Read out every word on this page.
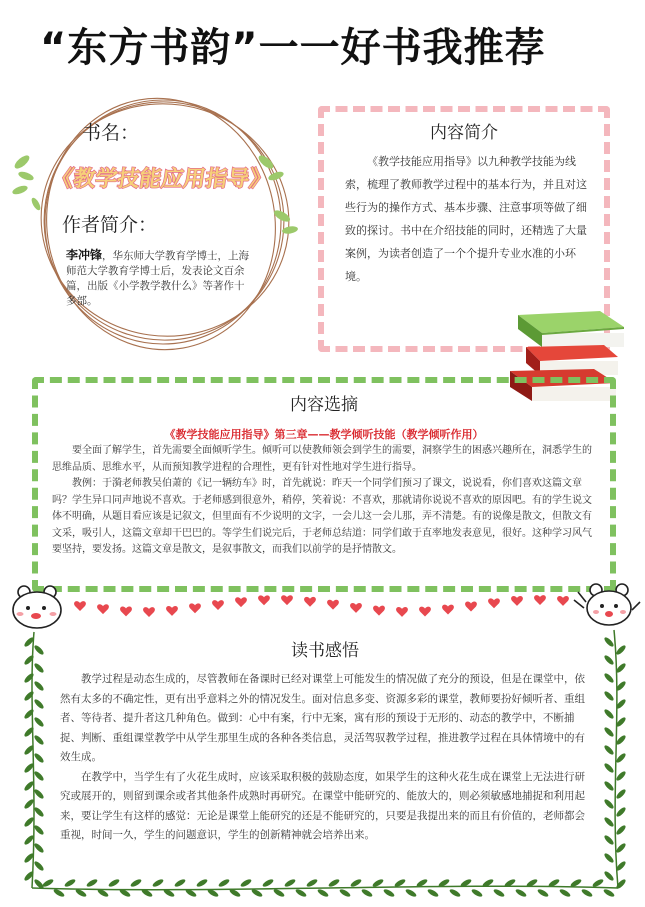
“东方书韵”一一好书我推荐
书名：
《教学技能应用指导》
作者简介：
李冲锋，华东师大学教育学博士，上海师范大学教育学博士后，发表论文百余篇，出版《小学教学教什么》等著作十多部。
内容简介
《教学技能应用指导》以九种教学技能为线索，梳理了教师教学过程中的基本行为，并且对这些行为的操作方式、基本步骤、注意事项等做了细致的探讨。书中在介绍技能的同时，还精选了大量案例，为读者创造了一个个提升专业水准的小环境。
内容选摘
《教学技能应用指导》第三章——教学倾听技能（教学倾听作用）

要全面了解学生，首先需要全面倾听学生。倾听可以使教师领会到学生的需要，洞察学生的困惑兴趣所在，洞悉学生的思维品质、思维水平，从而预知教学进程的合理性，更有针对性地对学生进行指导。

教例：于漪老师教吴伯萧的《记一辆纺车》时，首先就说：昨天一个同学们预习了课文，说说看，你们喜欢这篇文章吗？学生异口同声地说不喜欢。于老师感到很意外，稍停，笑着说：不喜欢，那就请你说说不喜欢的原因吧。有的学生说文体不明确，从题目看应该是记叙文，但里面有不少说明的文字，一会儿这一会儿那，弄不清楚。有的说像是散文，但散文有文采，吸引人，这篇文章却干巴巴的。等学生们说完后，于老师总结道：同学们敢于直率地发表意见，很好。这种学习风气要坚持，要发扬。这篇文章是散文，是叙事散文，而我们以前学的是抒情散文。

读书感悟

教学过程是动态生成的，尽管教师在备课时已经对课堂上可能发生的情况做了充分的预设，但是在课堂中，依然有太多的不确定性，更有出乎意料之外的情况发生。面对信息多变、资源多彩的课堂，教师要扮好倾听者、重组者、等待者、提升者这几种角色。做到：心中有案，行中无案，寓有形的预设于无形的、动态的教学中，不断捕捉、判断、重组课堂教学中从学生那里生成的各种各类信息，灵活驾驭教学过程，推进教学过程在具体情境中的有效生成。

在教学中，当学生有了火花生成时，应该采取积极的鼓励态度，如果学生的这种火花生成在课堂上无法进行研究或展开的，则留到课余或者其他条件成熟时再研究。在课堂中能研究的、能放大的，则必须敏感地捕捉和利用起来，要让学生有这样的感觉：无论是课堂上能研究的还是不能研究的，只要是我提出来的而且有价值的，老师都会重视，时间一久，学生的问题意识，学生的创新精神就会培养出来。
